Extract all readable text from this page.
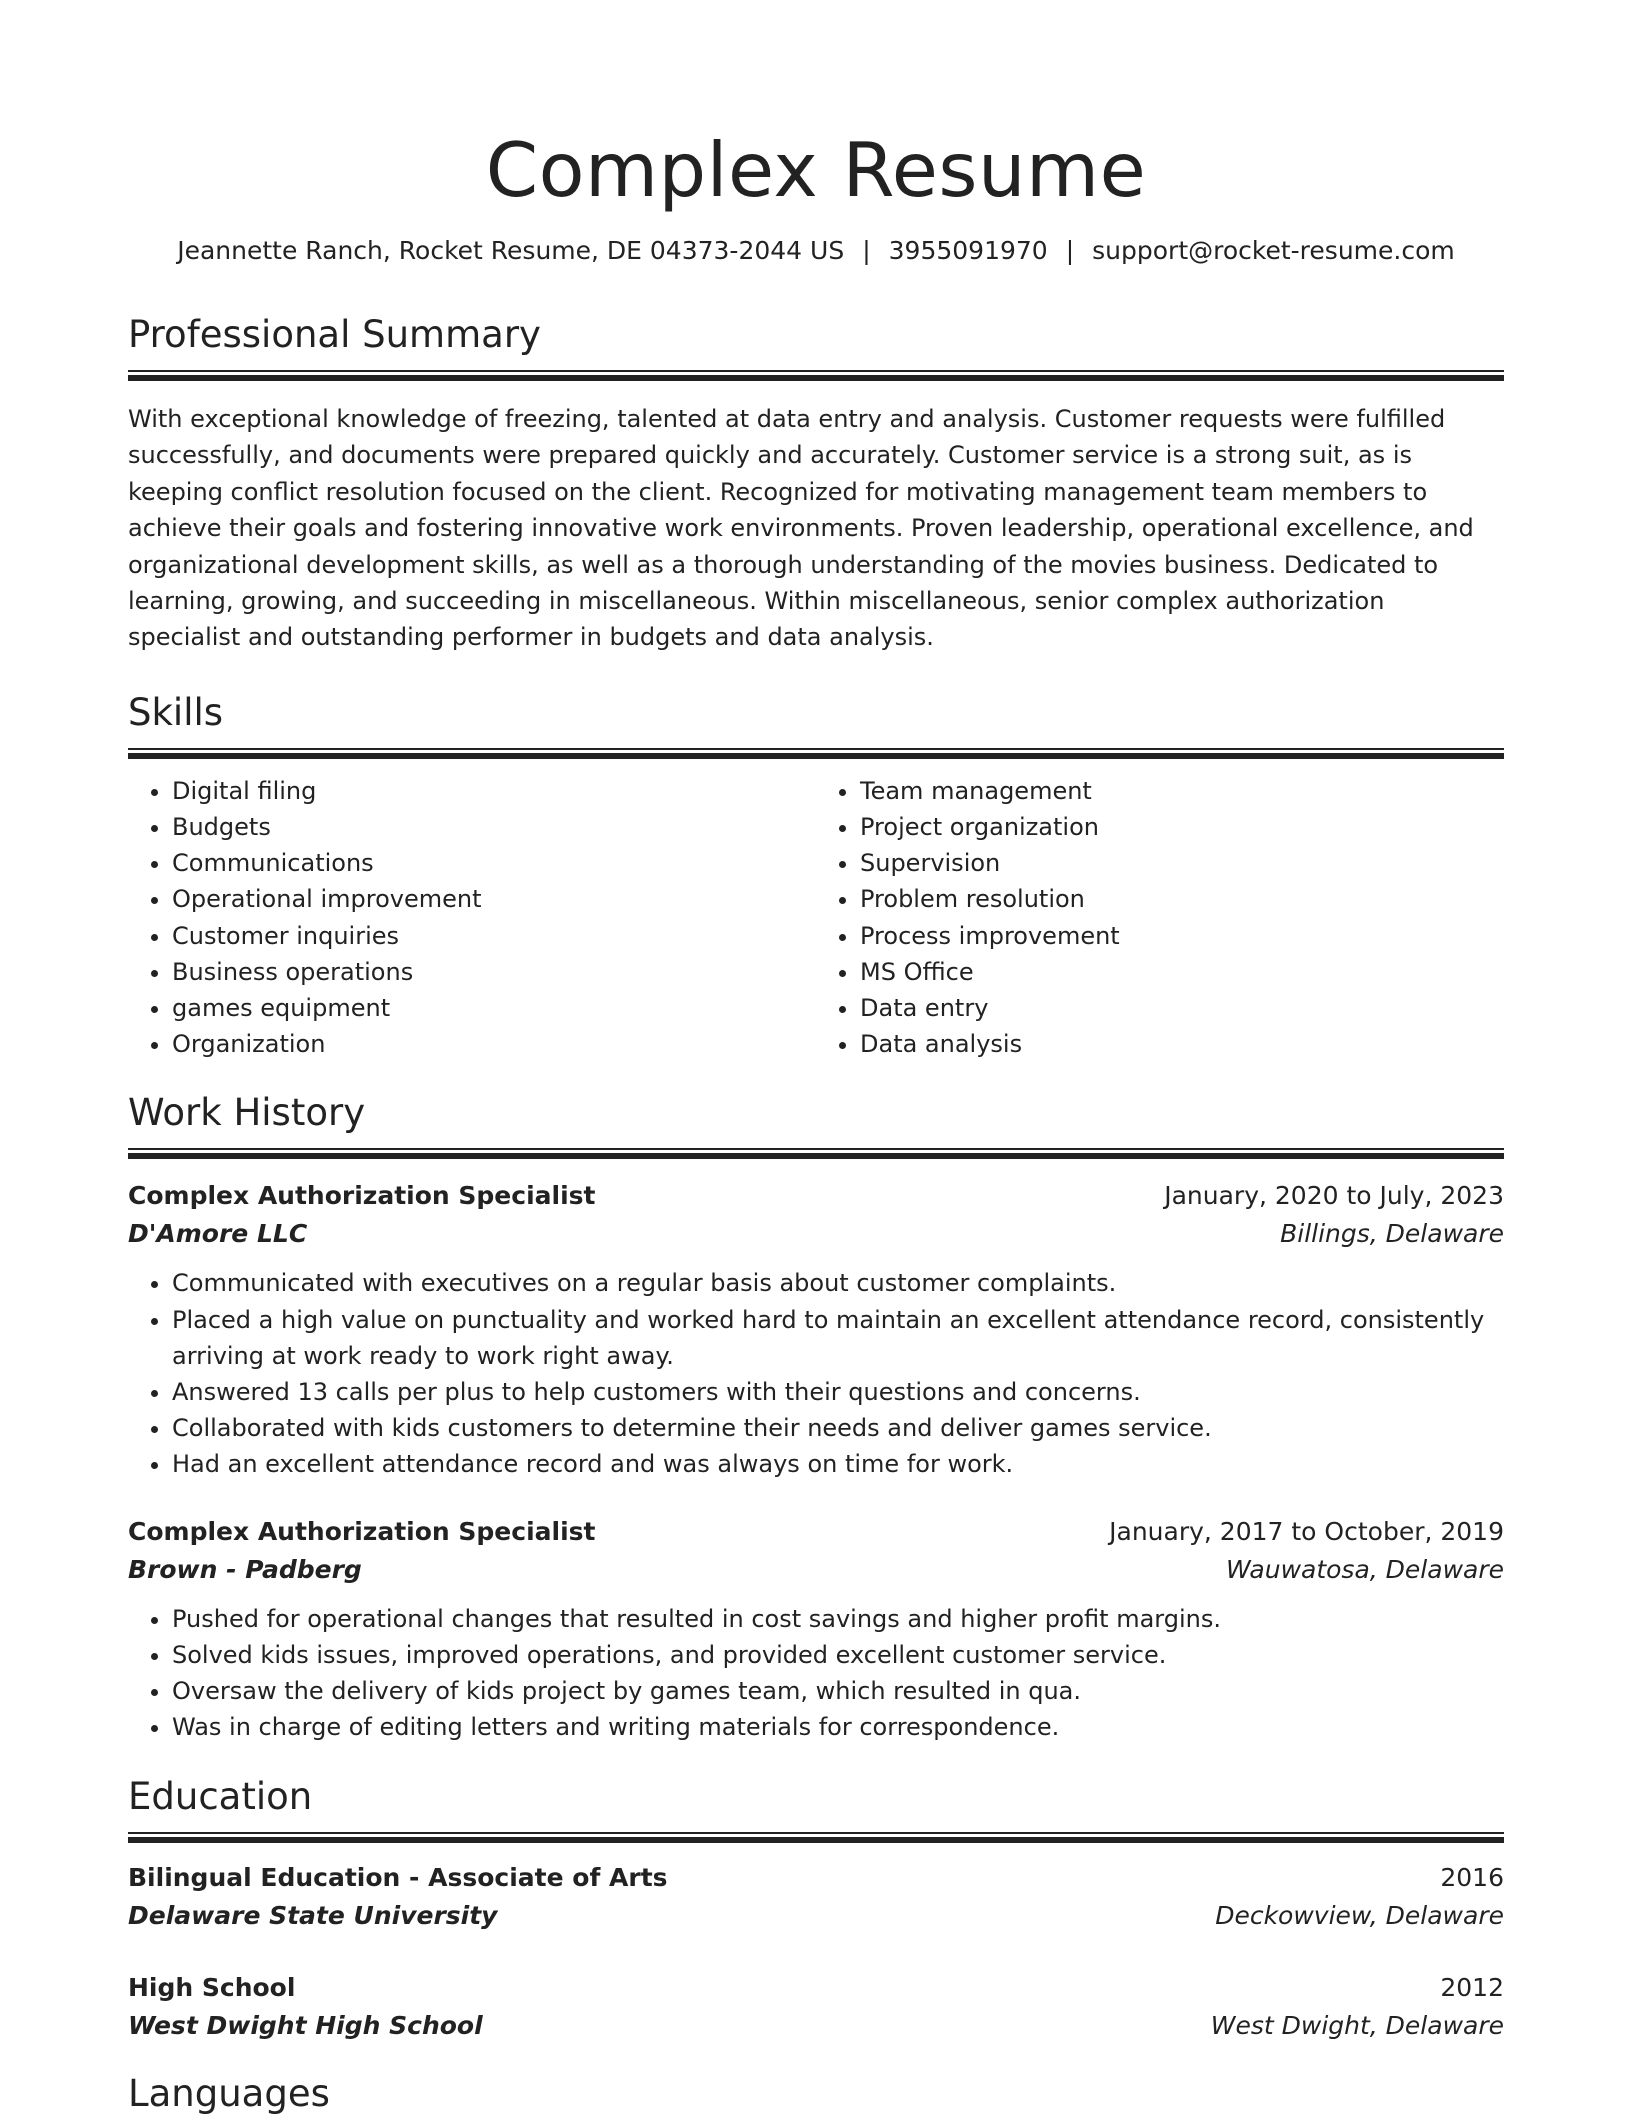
Complex Resume
Jeannette Ranch, Rocket Resume, DE 04373-2044 US | 3955091970 | support@rocket-resume.com
Professional Summary

With exceptional knowledge of freezing, talented at data entry and analysis. Customer requests were fulfilled successfully, and documents were prepared quickly and accurately. Customer service is a strong suit, as is keeping conflict resolution focused on the client. Recognized for motivating management team members to achieve their goals and fostering innovative work environments. Proven leadership, operational excellence, and organizational development skills, as well as a thorough understanding of the movies business. Dedicated to learning, growing, and succeeding in miscellaneous. Within miscellaneous, senior complex authorization specialist and outstanding performer in budgets and data analysis.

Skills
• Digital filing
• Budgets
• Communications
• Operational improvement
• Customer inquiries
• Business operations
• games equipment
• Organization
• Team management
• Project organization
• Supervision
• Problem resolution
• Process improvement
• MS Office
• Data entry
• Data analysis
Work History
Complex Authorization Specialist	January, 2020 to July, 2023
D'Amore LLC	Billings, Delaware
• Communicated with executives on a regular basis about customer complaints.
• Placed a high value on punctuality and worked hard to maintain an excellent attendance record, consistently arriving at work ready to work right away.
• Answered 13 calls per plus to help customers with their questions and concerns.
• Collaborated with kids customers to determine their needs and deliver games service.
• Had an excellent attendance record and was always on time for work.
Complex Authorization Specialist	January, 2017 to October, 2019
Brown - Padberg	Wauwatosa, Delaware
• Pushed for operational changes that resulted in cost savings and higher profit margins.
• Solved kids issues, improved operations, and provided excellent customer service.
• Oversaw the delivery of kids project by games team, which resulted in qua.
• Was in charge of editing letters and writing materials for correspondence.
Education
Bilingual Education - Associate of Arts	2016
Delaware State University	Deckowview, Delaware
High School	2012
West Dwight High School	West Dwight, Delaware
Languages
